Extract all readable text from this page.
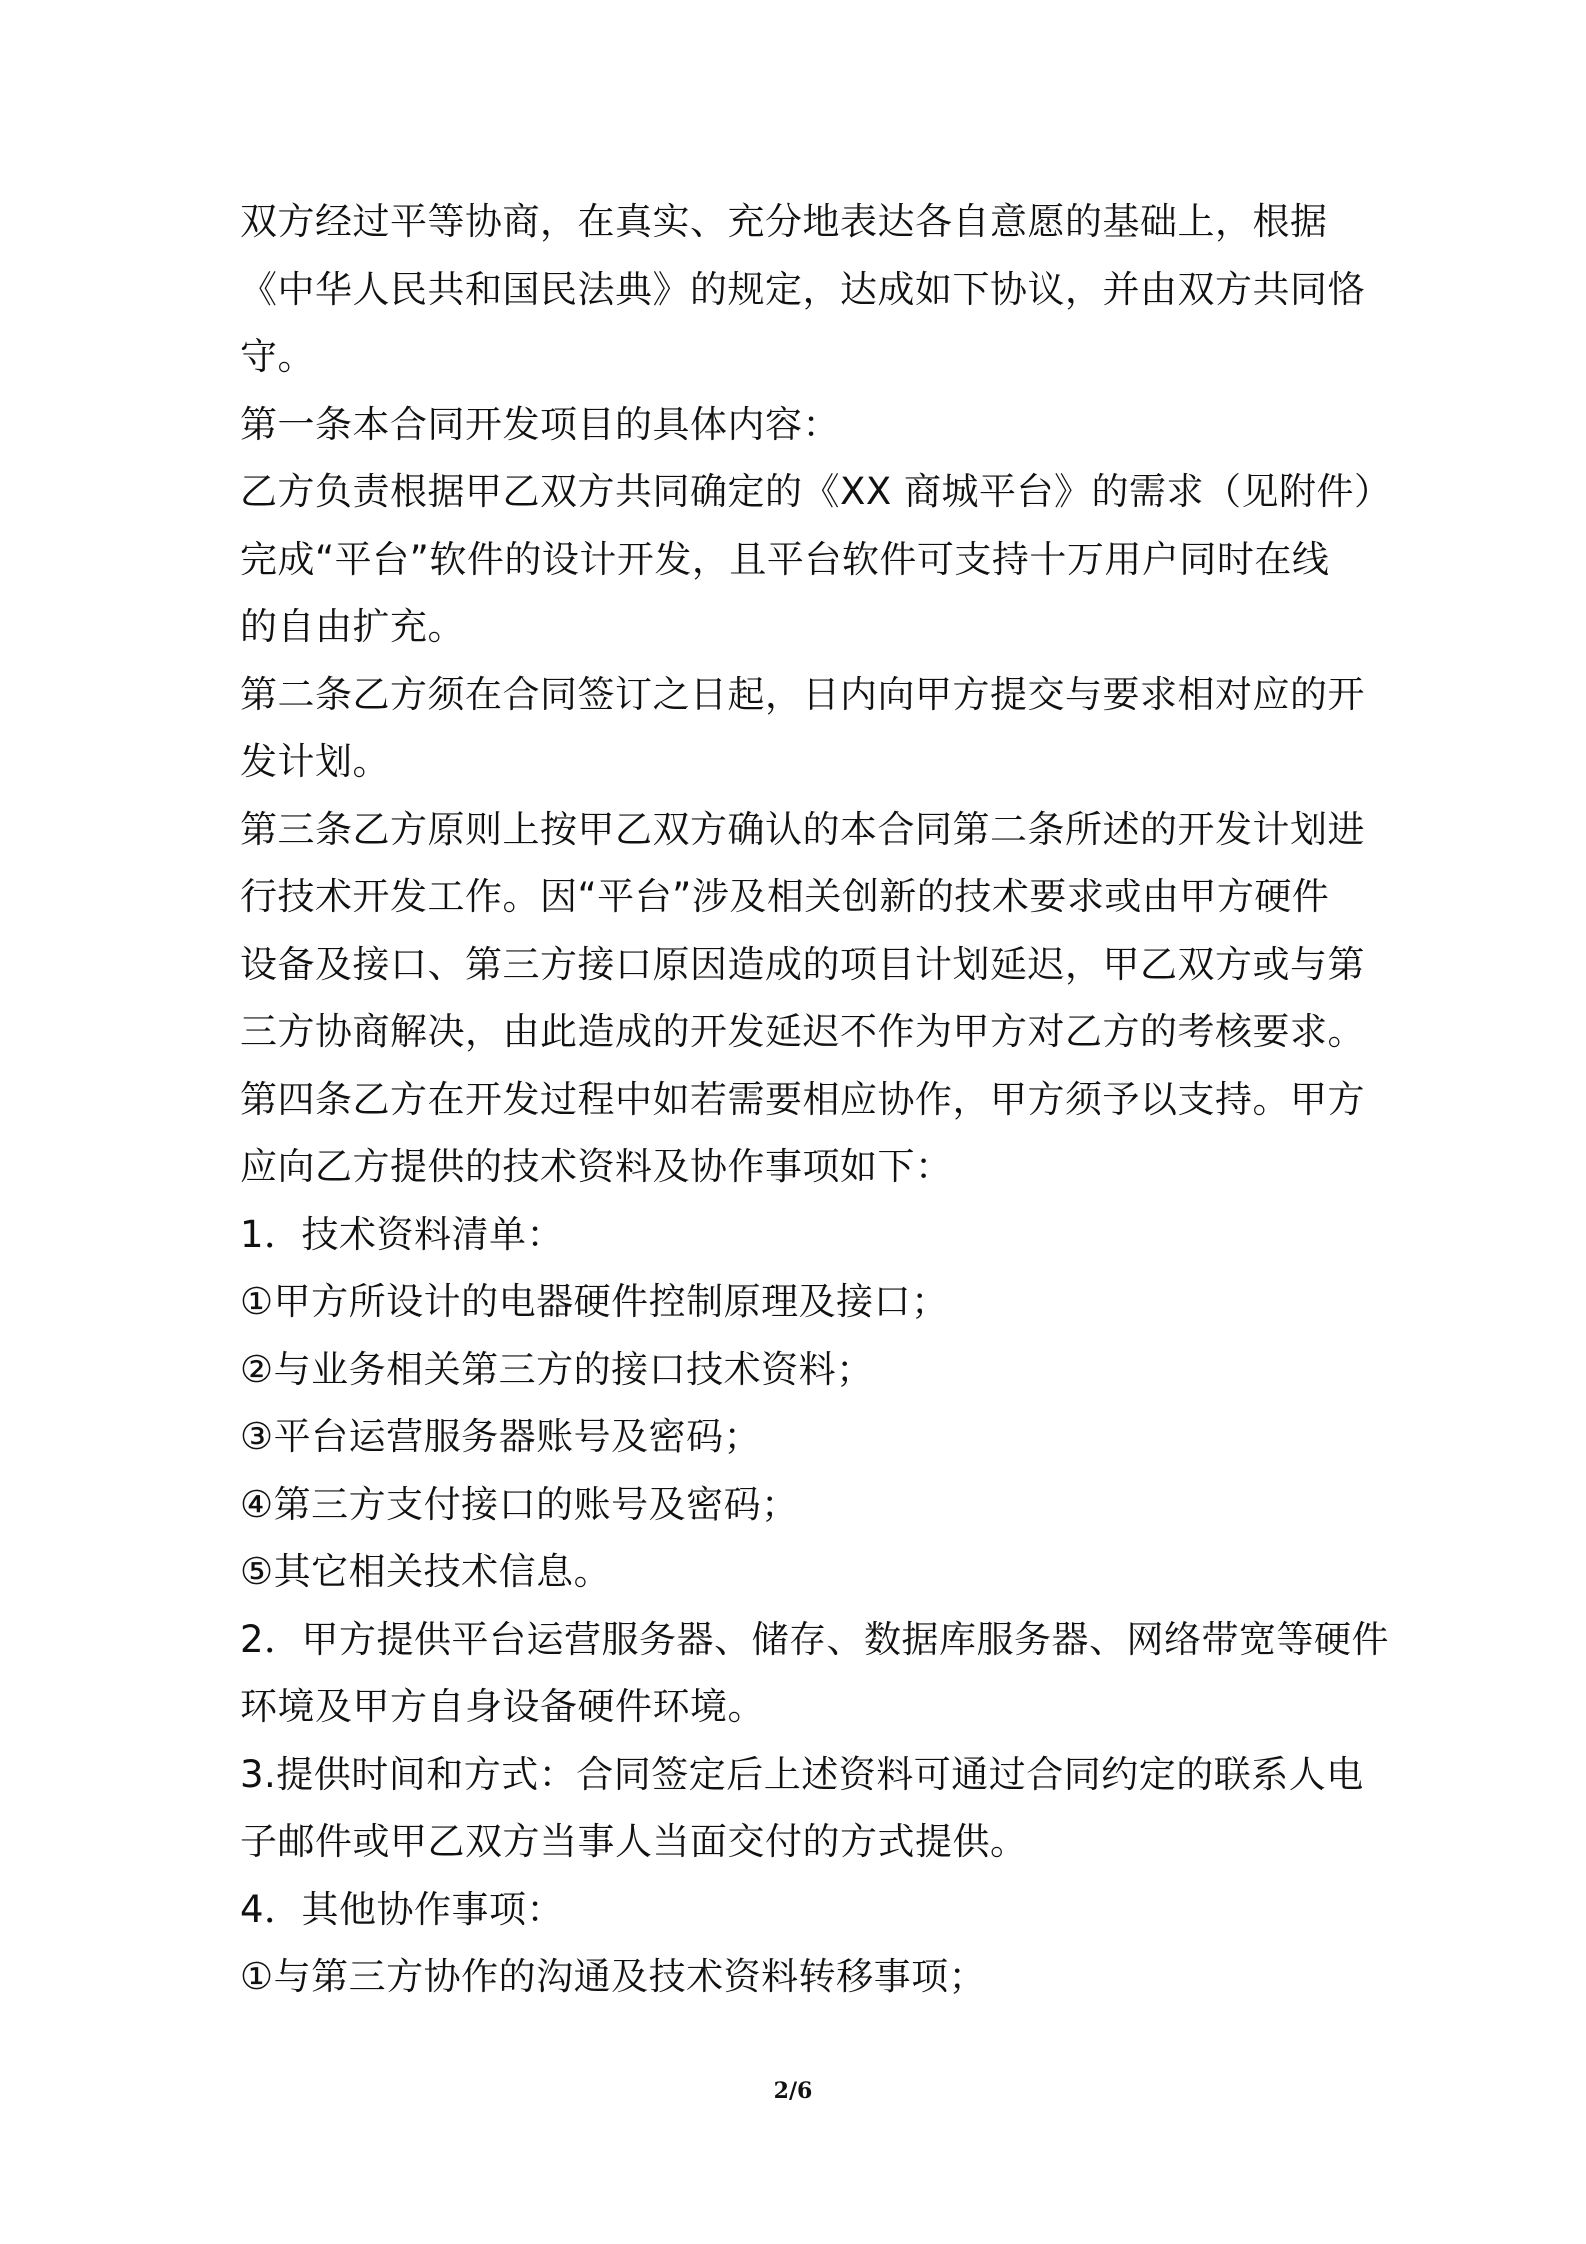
双方经过平等协商，在真实、充分地表达各自意愿的基础上，根据
《中华人民共和国民法典》的规定，达成如下协议，并由双方共同恪
守。
第一条本合同开发项目的具体内容：
乙方负责根据甲乙双方共同确定的《XX 商城平台》的需求（见附件）
完成“平台”软件的设计开发，且平台软件可支持十万用户同时在线
的自由扩充。
第二条乙方须在合同签订之日起，日内向甲方提交与要求相对应的开
发计划。
第三条乙方原则上按甲乙双方确认的本合同第二条所述的开发计划进
行技术开发工作。因“平台”涉及相关创新的技术要求或由甲方硬件
设备及接口、第三方接口原因造成的项目计划延迟，甲乙双方或与第
三方协商解决，由此造成的开发延迟不作为甲方对乙方的考核要求。
第四条乙方在开发过程中如若需要相应协作，甲方须予以支持。甲方
应向乙方提供的技术资料及协作事项如下：
1．技术资料清单：
①甲方所设计的电器硬件控制原理及接口；
②与业务相关第三方的接口技术资料；
③平台运营服务器账号及密码；
④第三方支付接口的账号及密码；
⑤其它相关技术信息。
2．甲方提供平台运营服务器、储存、数据库服务器、网络带宽等硬件
环境及甲方自身设备硬件环境。
3.提供时间和方式：合同签定后上述资料可通过合同约定的联系人电
子邮件或甲乙双方当事人当面交付的方式提供。
4．其他协作事项：
①与第三方协作的沟通及技术资料转移事项；
2/6
